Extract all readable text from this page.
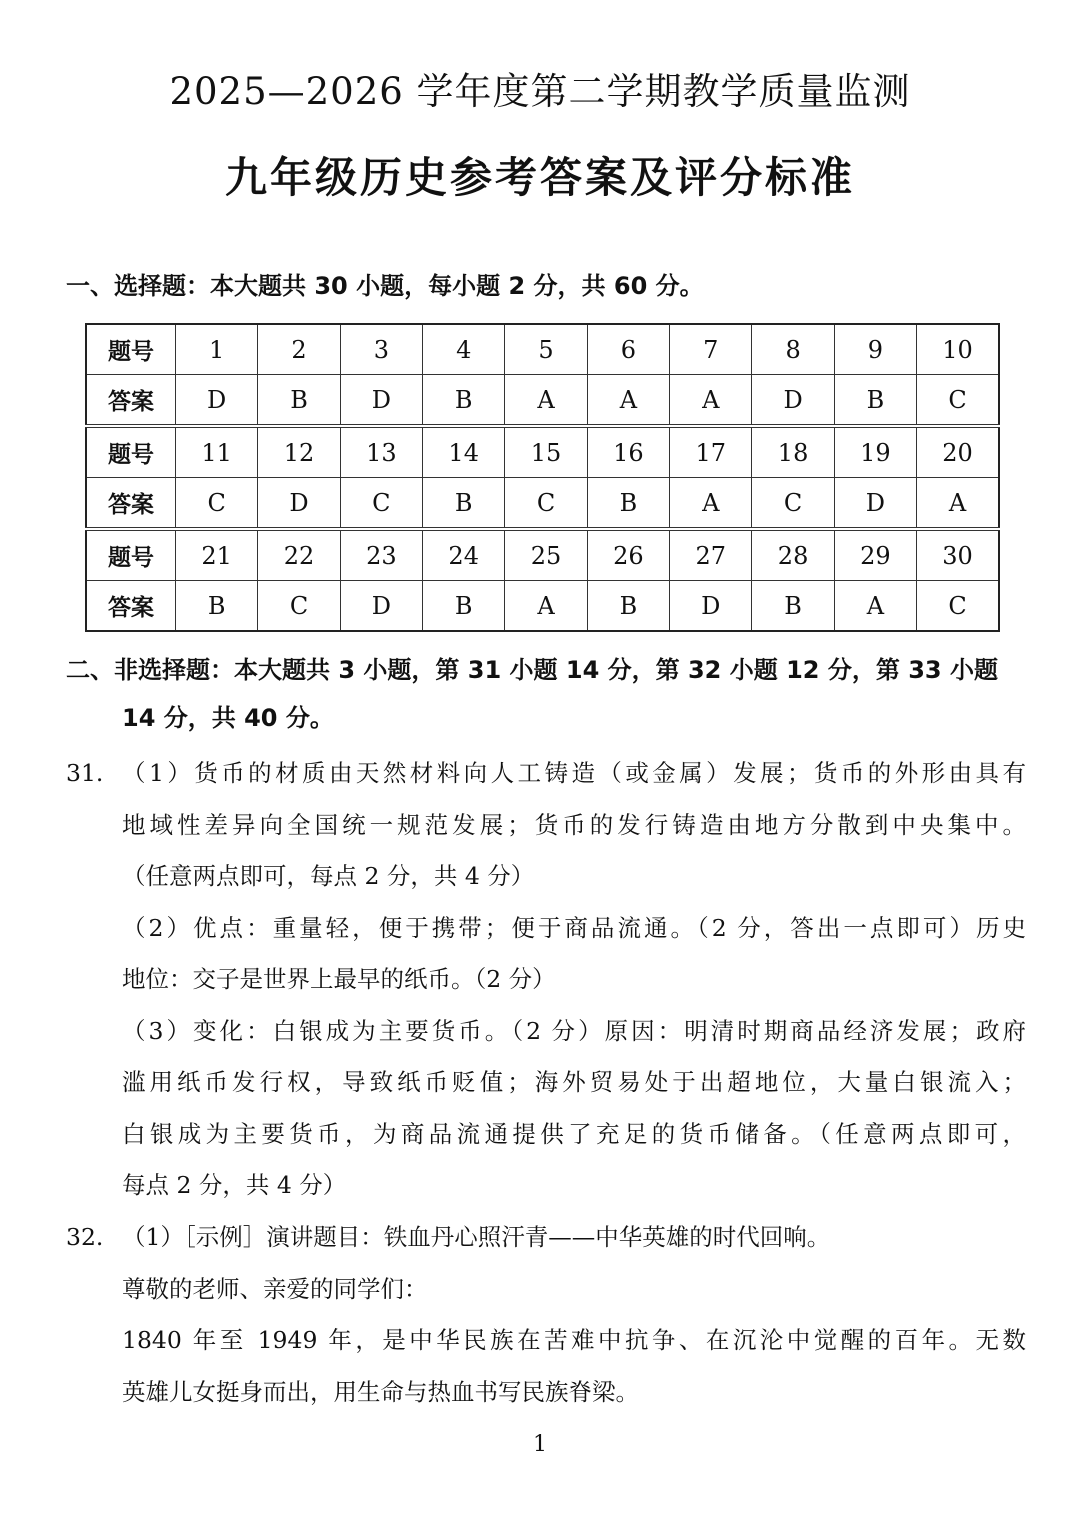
2025—2026 学年度第二学期教学质量监测
九年级历史参考答案及评分标准
一、选择题：本大题共 30 小题，每小题 2 分，共 60 分。
题号	1	2	3	4	5	6	7	8	9	10
答案	D	B	D	B	A	A	A	D	B	C
题号	11	12	13	14	15	16	17	18	19	20
答案	C	D	C	B	C	B	A	C	D	A
题号	21	22	23	24	25	26	27	28	29	30
答案	B	C	D	B	A	B	D	B	A	C
二、非选择题：本大题共 3 小题，第 31 小题 14 分，第 32 小题 12 分，第 33 小题
14 分，共 40 分。
31. （1）货币的材质由天然材料向人工铸造（或金属）发展；货币的外形由具有
地域性差异向全国统一规范发展；货币的发行铸造由地方分散到中央集中。
（任意两点即可，每点 2 分，共 4 分）
（2）优点：重量轻，便于携带；便于商品流通。（2 分，答出一点即可）历史
地位：交子是世界上最早的纸币。（2 分）
（3）变化：白银成为主要货币。（2 分）原因：明清时期商品经济发展；政府
滥用纸币发行权，导致纸币贬值；海外贸易处于出超地位，大量白银流入；
白银成为主要货币，为商品流通提供了充足的货币储备。（任意两点即可，
每点 2 分，共 4 分）
32. （1）［示例］演讲题目：铁血丹心照汗青——中华英雄的时代回响。
尊敬的老师、亲爱的同学们：
1840 年至 1949 年，是中华民族在苦难中抗争、在沉沦中觉醒的百年。无数
英雄儿女挺身而出，用生命与热血书写民族脊梁。
1
